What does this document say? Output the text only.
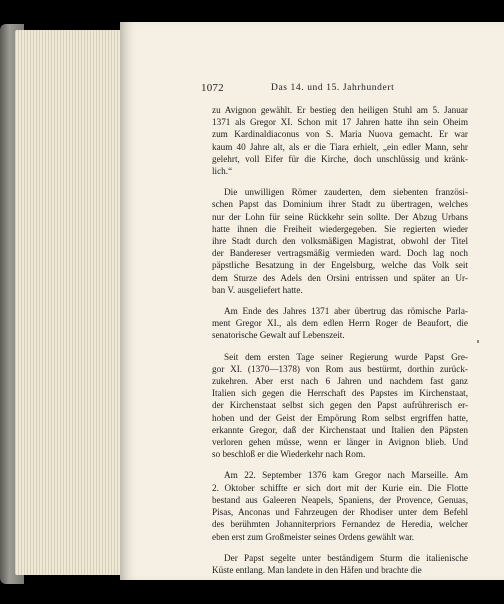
1072	Das 14. und 15. Jahrhundert
zu Avignon gewählt. Er bestieg den heiligen Stuhl am 5. Januar
1371 als Gregor XI. Schon mit 17 Jahren hatte ihn sein Oheim
zum Kardinaldiaconus von S. Maria Nuova gemacht. Er war
kaum 40 Jahre alt, als er die Tiara erhielt, „ein edler Mann, sehr
gelehrt, voll Eifer für die Kirche, doch unschlüssig und kränk-
lich.“
Die unwilligen Römer zauderten, dem siebenten französi-
schen Papst das Dominium ihrer Stadt zu übertragen, welches
nur der Lohn für seine Rückkehr sein sollte. Der Abzug Urbans
hatte ihnen die Freiheit wiedergegeben. Sie regierten wieder
ihre Stadt durch den volksmäßigen Magistrat, obwohl der Titel
der Bandereser vertragsmäßig vermieden ward. Doch lag noch
päpstliche Besatzung in der Engelsburg, welche das Volk seit
dem Sturze des Adels den Orsini entrissen und später an Ur-
ban V. ausgeliefert hatte.
Am Ende des Jahres 1371 aber übertrug das römische Parla-
ment Gregor XI., als dem edlen Herrn Roger de Beaufort, die
senatorische Gewalt auf Lebenszeit.
Seit dem ersten Tage seiner Regierung wurde Papst Gre-
gor XI. (1370—1378) von Rom aus bestürmt, dorthin zurück-
zukehren. Aber erst nach 6 Jahren und nachdem fast ganz
Italien sich gegen die Herrschaft des Papstes im Kirchenstaat,
der Kirchenstaat selbst sich gegen den Papst aufrührerisch er-
hoben und der Geist der Empörung Rom selbst ergriffen hatte,
erkannte Gregor, daß der Kirchenstaat und Italien den Päpsten
verloren gehen müsse, wenn er länger in Avignon blieb. Und
so beschloß er die Wiederkehr nach Rom.
Am 22. September 1376 kam Gregor nach Marseille. Am
2. Oktober schiffte er sich dort mit der Kurie ein. Die Flotte
bestand aus Galeeren Neapels, Spaniens, der Provence, Genuas,
Pisas, Anconas und Fahrzeugen der Rhodiser unter dem Befehl
des berühmten Johanniterpriors Fernandez de Heredia, welcher
eben erst zum Großmeister seines Ordens gewählt war.
Der Papst segelte unter beständigem Sturm die italienische
Küste entlang. Man landete in den Häfen und brachte die
